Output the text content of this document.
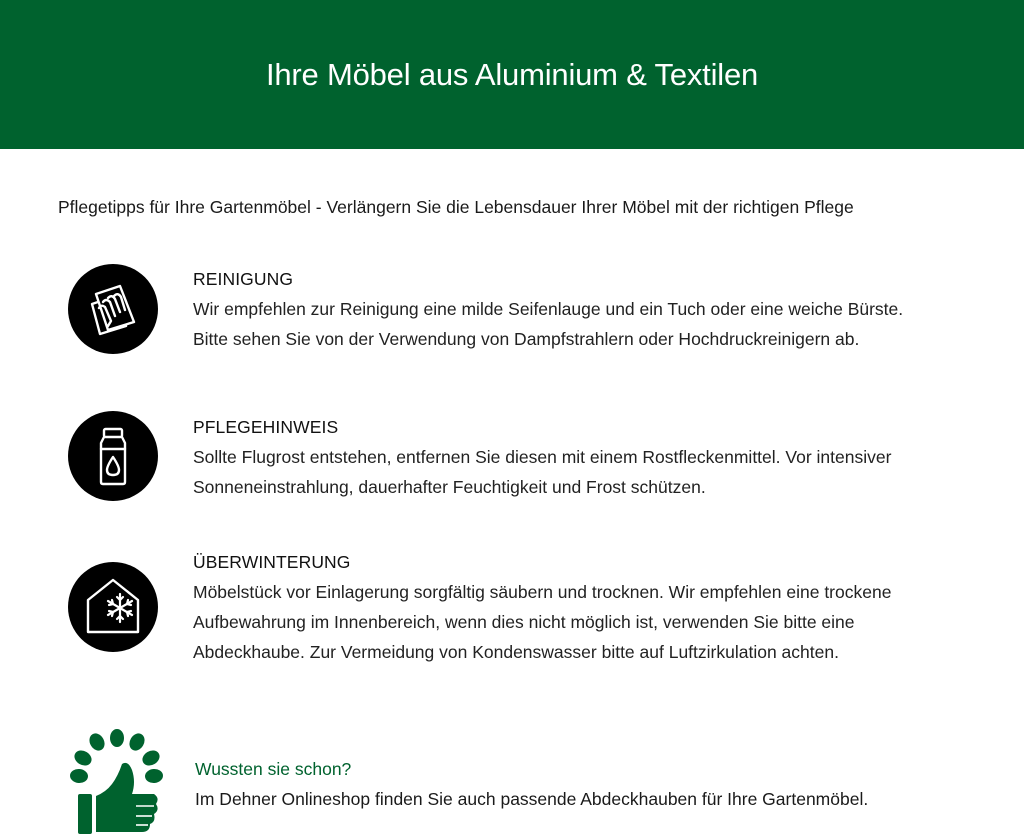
Ihre Möbel aus Aluminium & Textilen
Pflegetipps für Ihre Gartenmöbel - Verlängern Sie die Lebensdauer Ihrer Möbel mit der richtigen Pflege
REINIGUNG
Wir empfehlen zur Reinigung eine milde Seifenlauge und ein Tuch oder eine weiche Bürste.
Bitte sehen Sie von der Verwendung von Dampfstrahlern oder Hochdruckreinigern ab.
PFLEGEHINWEIS
Sollte Flugrost entstehen, entfernen Sie diesen mit einem Rostfleckenmittel. Vor intensiver
Sonneneinstrahlung, dauerhafter Feuchtigkeit und Frost schützen.
ÜBERWINTERUNG
Möbelstück vor Einlagerung sorgfältig säubern und trocknen. Wir empfehlen eine trockene
Aufbewahrung im Innenbereich, wenn dies nicht möglich ist, verwenden Sie bitte eine
Abdeckhaube. Zur Vermeidung von Kondenswasser bitte auf Luftzirkulation achten.
Wussten sie schon?
Im Dehner Onlineshop finden Sie auch passende Abdeckhauben für Ihre Gartenmöbel.
